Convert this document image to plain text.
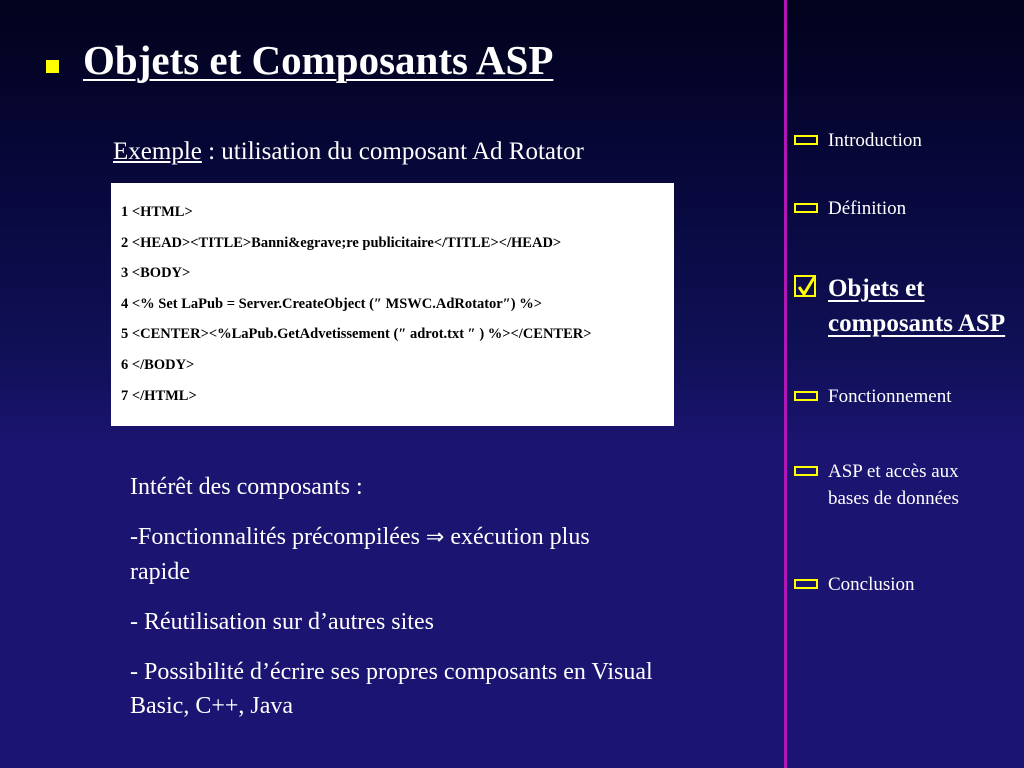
Objets et Composants ASP
Exemple : utilisation du composant Ad Rotator
1 <HTML>
2 <HEAD><TITLE>Banni&egrave;re publicitaire</TITLE></HEAD>
3 <BODY>
4 <% Set LaPub = Server.CreateObject (″ MSWC.AdRotator″) %>
5 <CENTER><%LaPub.GetAdvetissement (″ adrot.txt ″ ) %></CENTER>
6 </BODY>
7 </HTML>

Intérêt des composants :

-Fonctionnalités précompilées ⇒ exécution plus rapide

- Réutilisation sur d’autres sites

- Possibilité d’écrire ses propres composants en Visual Basic, C++, Java

Introduction
Définition
Objets et composants ASP
Fonctionnement
ASP et accès aux bases de données
Conclusion
